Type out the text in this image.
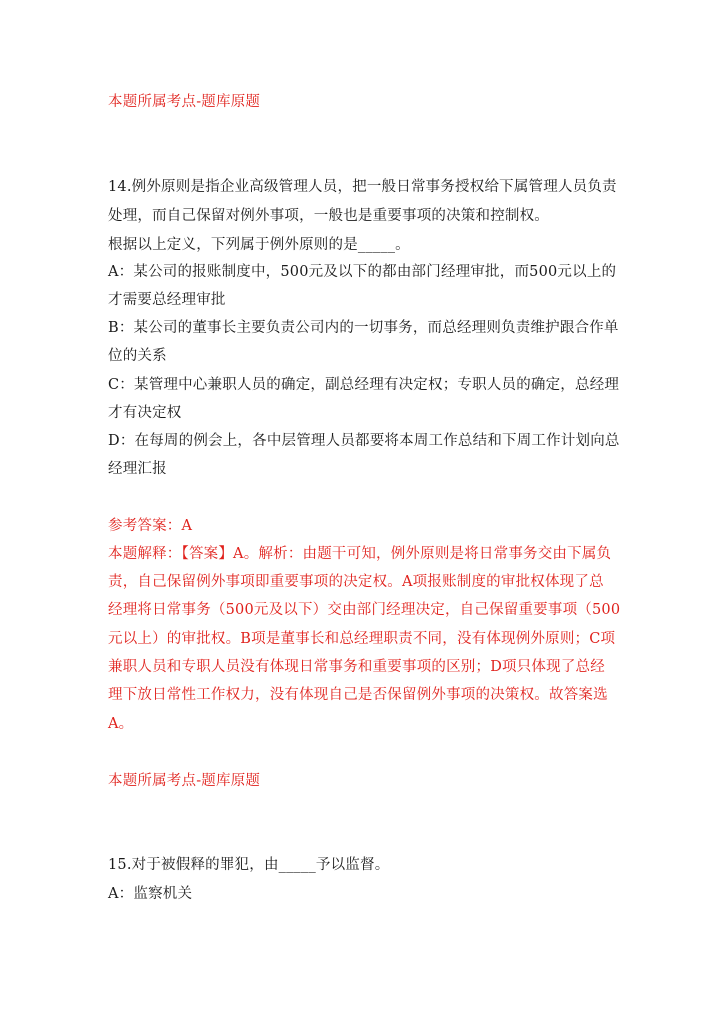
本题所属考点-题库原题
14.例外原则是指企业高级管理人员，把一般日常事务授权给下属管理人员负责
处理，而自己保留对例外事项，一般也是重要事项的决策和控制权。
根据以上定义，下列属于例外原则的是_____。
A：某公司的报账制度中，500元及以下的都由部门经理审批，而500元以上的
才需要总经理审批
B：某公司的董事长主要负责公司内的一切事务，而总经理则负责维护跟合作单
位的关系
C：某管理中心兼职人员的确定，副总经理有决定权；专职人员的确定，总经理
才有决定权
D：在每周的例会上，各中层管理人员都要将本周工作总结和下周工作计划向总
经理汇报
参考答案：A
本题解释：【答案】A。解析：由题干可知，例外原则是将日常事务交由下属负
责，自己保留例外事项即重要事项的决定权。A项报账制度的审批权体现了总
经理将日常事务（500元及以下）交由部门经理决定，自己保留重要事项（500
元以上）的审批权。B项是董事长和总经理职责不同，没有体现例外原则；C项
兼职人员和专职人员没有体现日常事务和重要事项的区别；D项只体现了总经
理下放日常性工作权力，没有体现自己是否保留例外事项的决策权。故答案选
A。
本题所属考点-题库原题
15.对于被假释的罪犯，由_____予以监督。
A：监察机关
